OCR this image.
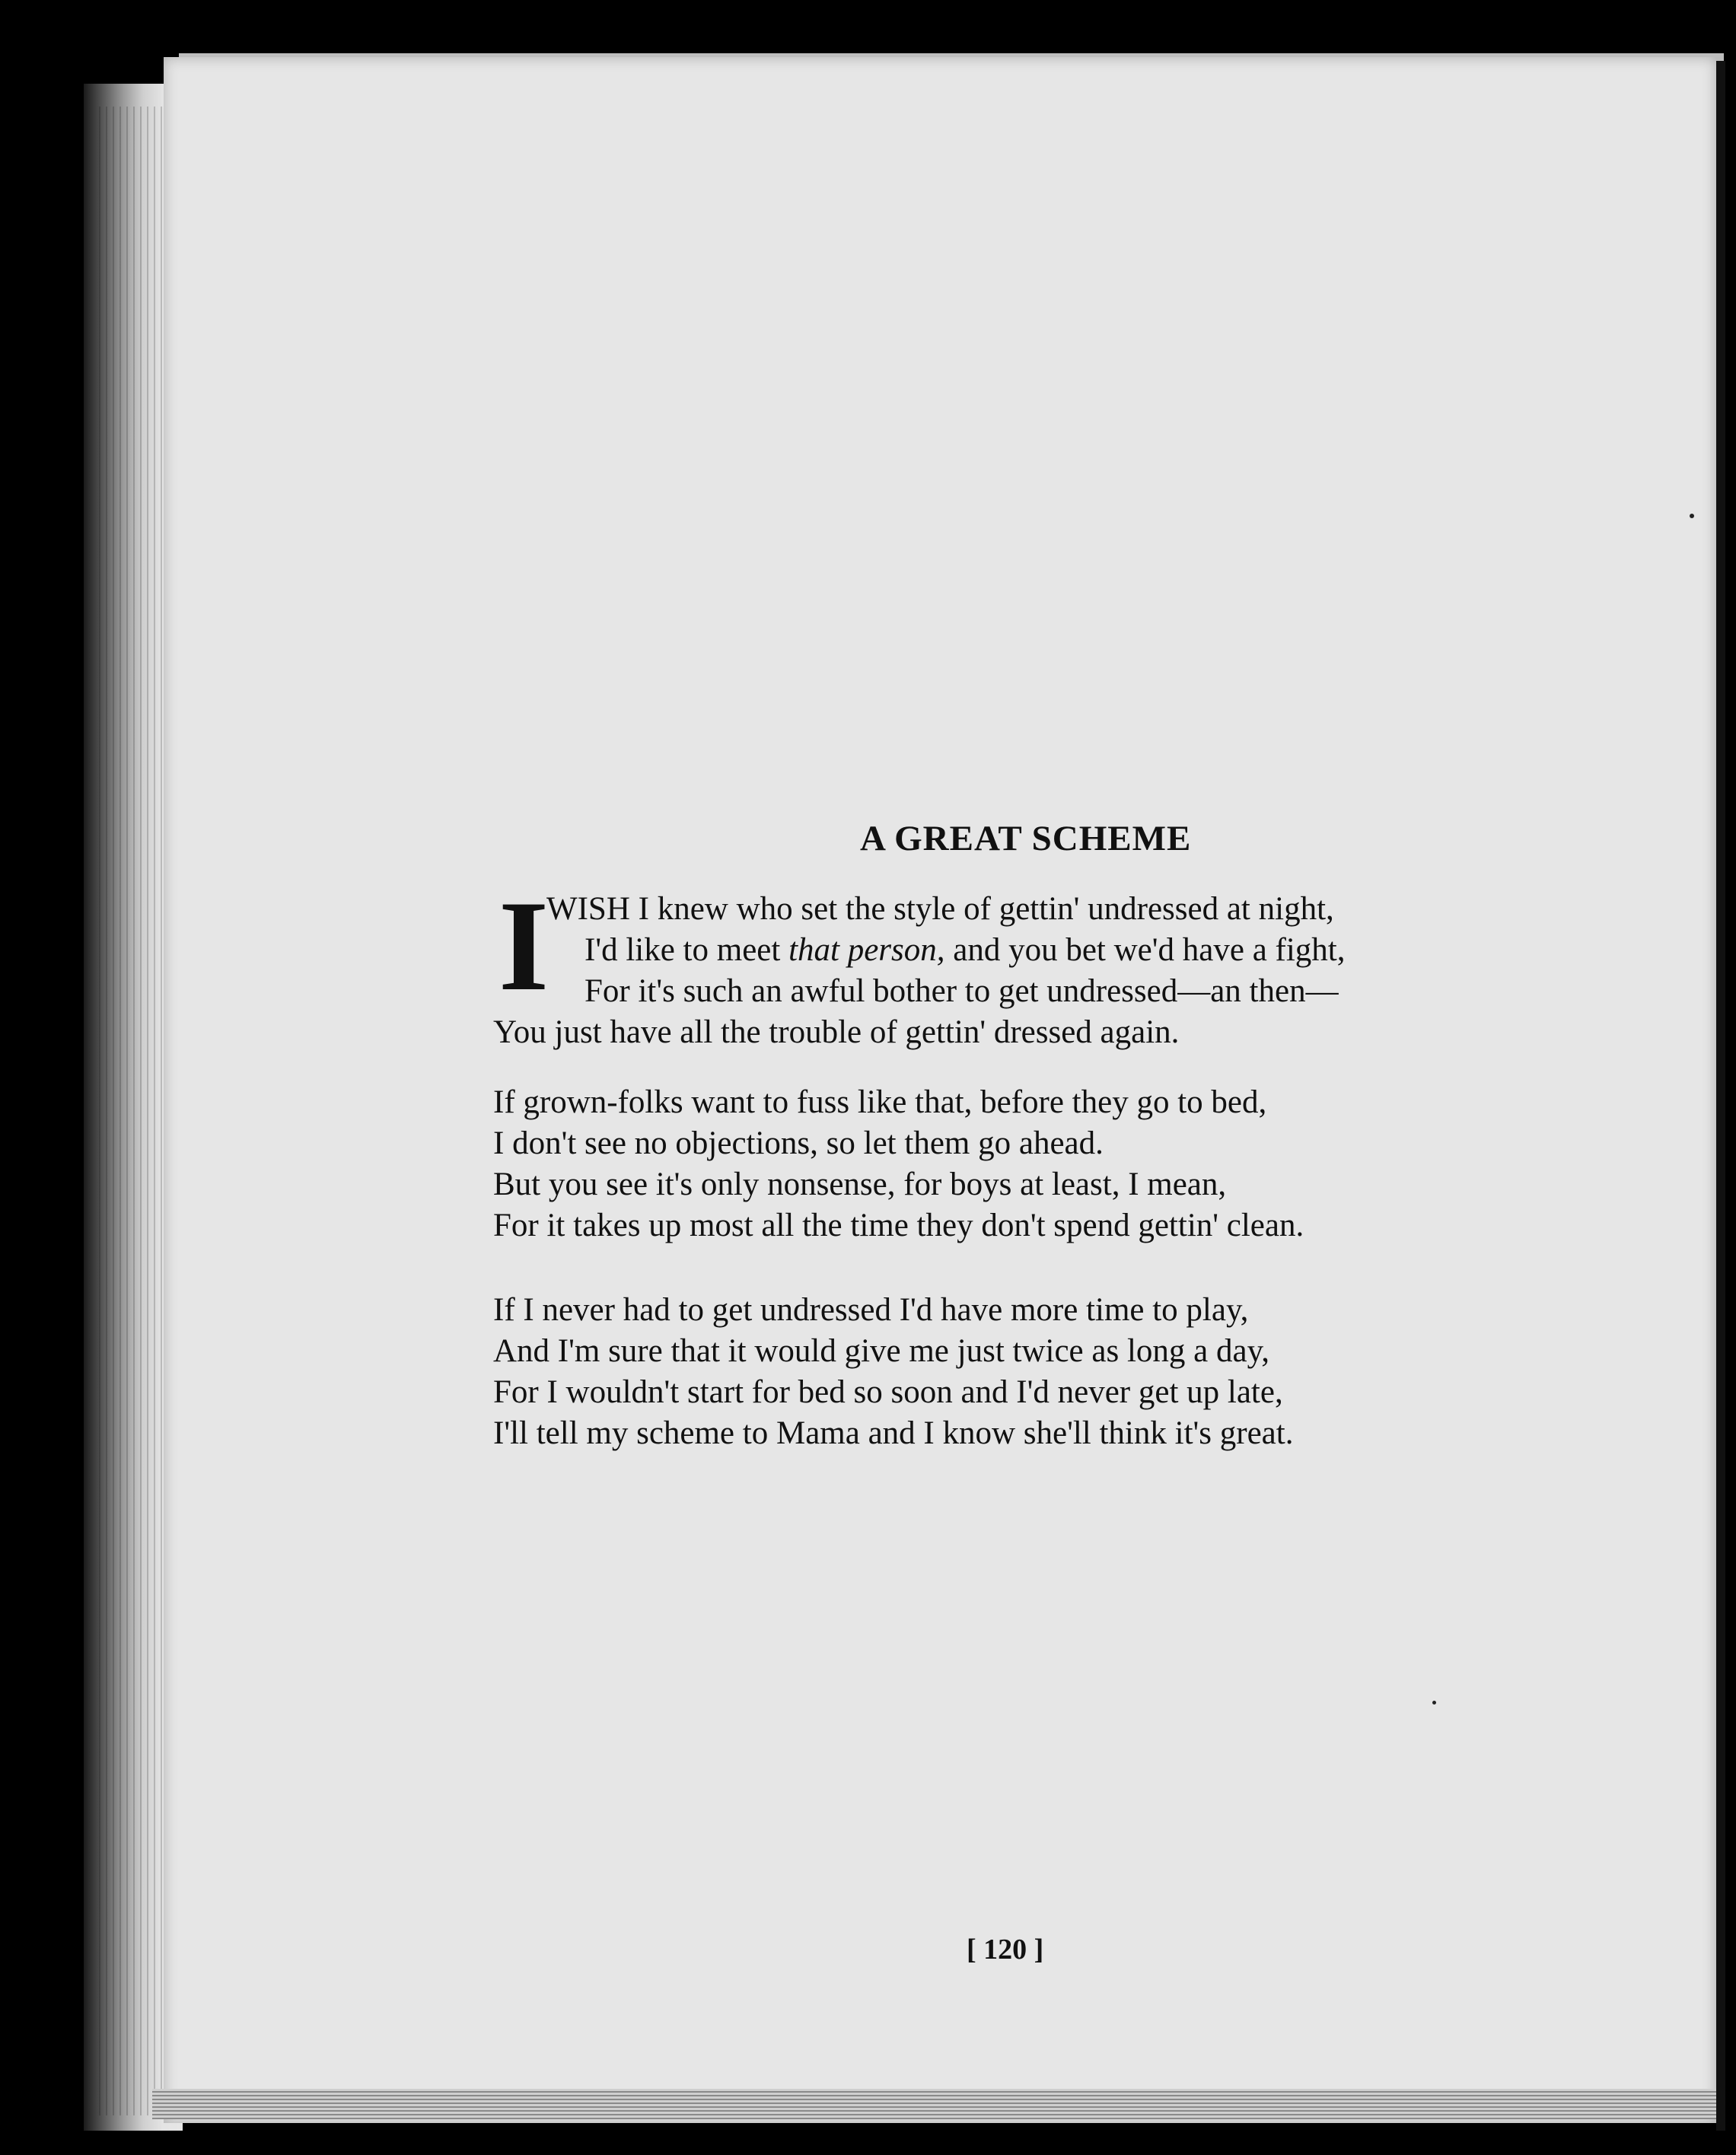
A GREAT SCHEME
I
WISH I knew who set the style of gettin' undressed at night,
I'd like to meet that person, and you bet we'd have a fight,
For it's such an awful bother to get undressed—an then—
You just have all the trouble of gettin' dressed again.
If grown-folks want to fuss like that, before they go to bed,
I don't see no objections, so let them go ahead.
But you see it's only nonsense, for boys at least, I mean,
For it takes up most all the time they don't spend gettin' clean.
If I never had to get undressed I'd have more time to play,
And I'm sure that it would give me just twice as long a day,
For I wouldn't start for bed so soon and I'd never get up late,
I'll tell my scheme to Mama and I know she'll think it's great.
[ 120 ]
